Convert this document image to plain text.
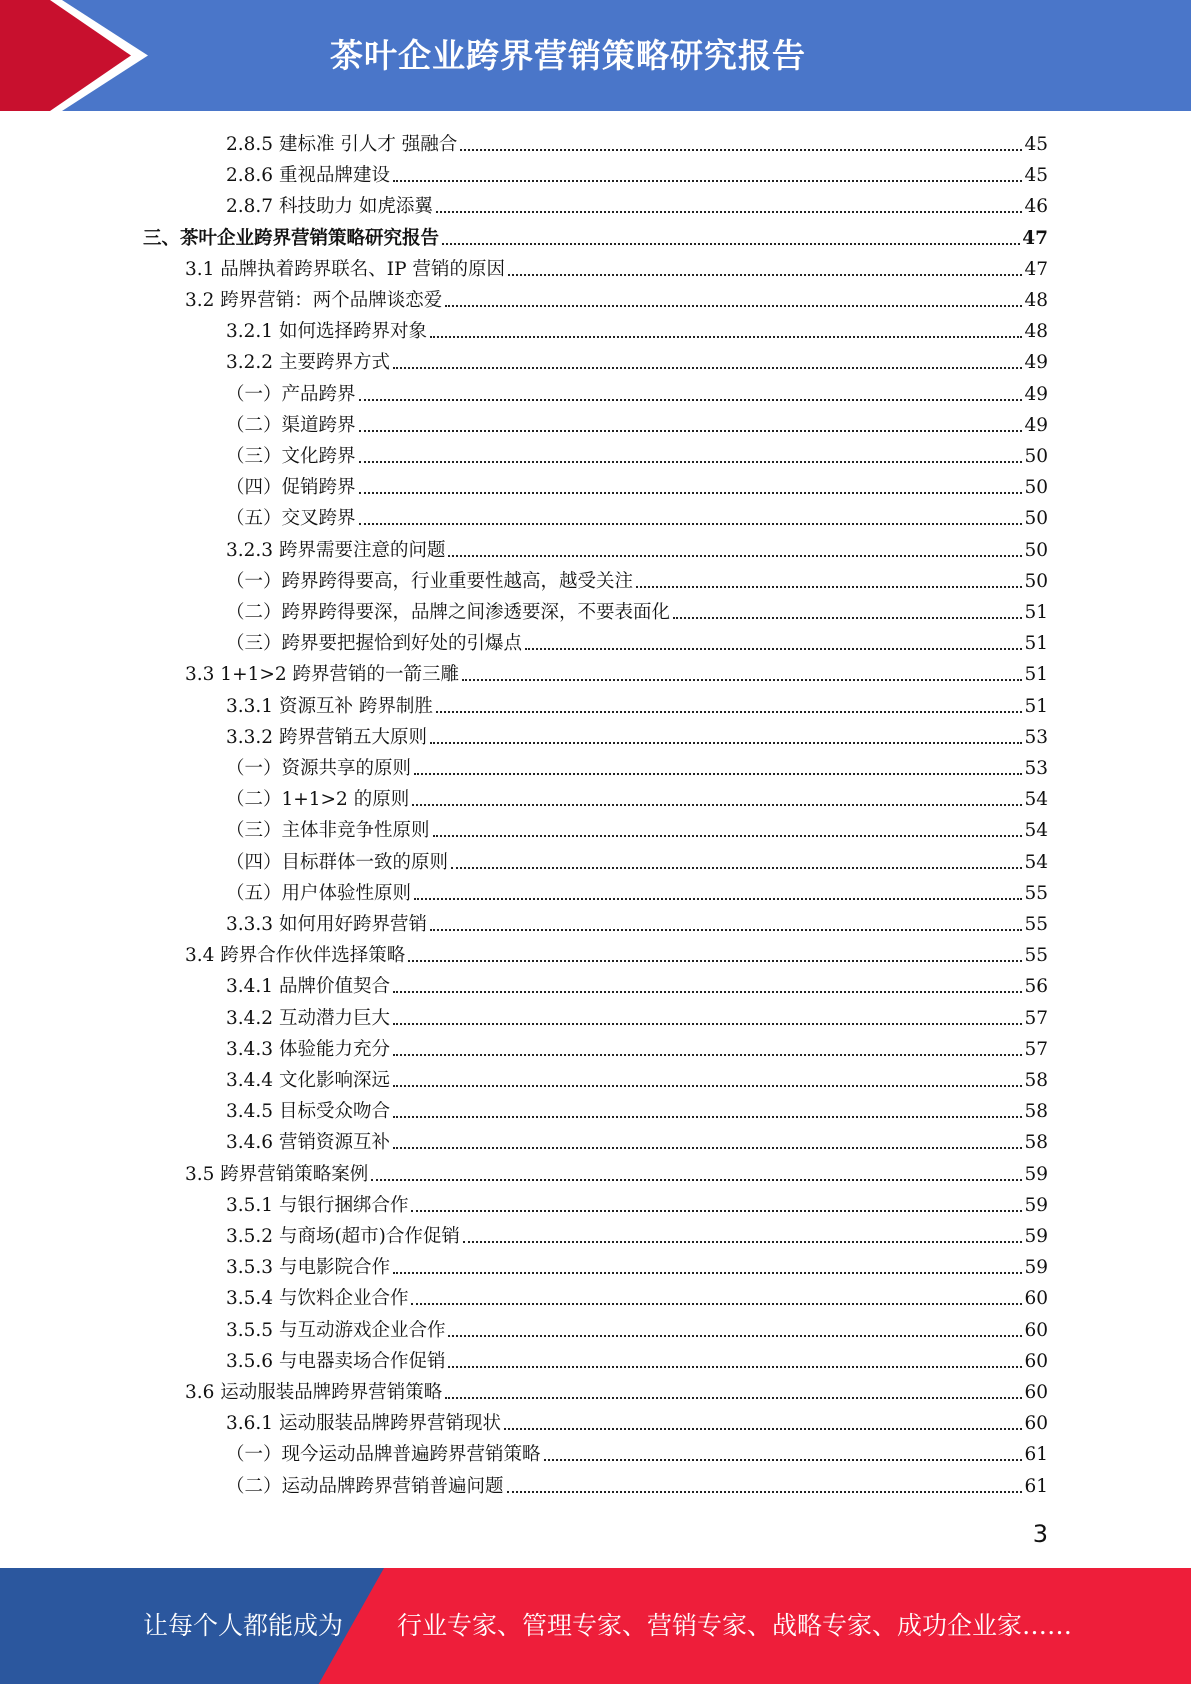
茶叶企业跨界营销策略研究报告
2.8.5 建标准 引人才 强融合	45
2.8.6 重视品牌建设	45
2.8.7 科技助力 如虎添翼	46
三、茶叶企业跨界营销策略研究报告	47
3.1 品牌执着跨界联名、IP 营销的原因	47
3.2 跨界营销：两个品牌谈恋爱	48
3.2.1 如何选择跨界对象	48
3.2.2 主要跨界方式	49
（一）产品跨界	49
（二）渠道跨界	49
（三）文化跨界	50
（四）促销跨界	50
（五）交叉跨界	50
3.2.3 跨界需要注意的问题	50
（一）跨界跨得要高，行业重要性越高，越受关注	50
（二）跨界跨得要深，品牌之间渗透要深，不要表面化	51
（三）跨界要把握恰到好处的引爆点	51
3.3 1+1>2 跨界营销的一箭三雕	51
3.3.1 资源互补 跨界制胜	51
3.3.2 跨界营销五大原则	53
（一）资源共享的原则	53
（二）1+1>2 的原则	54
（三）主体非竞争性原则	54
（四）目标群体一致的原则	54
（五）用户体验性原则	55
3.3.3 如何用好跨界营销	55
3.4 跨界合作伙伴选择策略	55
3.4.1 品牌价值契合	56
3.4.2 互动潜力巨大	57
3.4.3 体验能力充分	57
3.4.4 文化影响深远	58
3.4.5 目标受众吻合	58
3.4.6 营销资源互补	58
3.5 跨界营销策略案例	59
3.5.1 与银行捆绑合作	59
3.5.2 与商场(超市)合作促销	59
3.5.3 与电影院合作	59
3.5.4 与饮料企业合作	60
3.5.5 与互动游戏企业合作	60
3.5.6 与电器卖场合作促销	60
3.6 运动服装品牌跨界营销策略	60
3.6.1 运动服装品牌跨界营销现状	60
（一）现今运动品牌普遍跨界营销策略	61
（二）运动品牌跨界营销普遍问题	61
3
让每个人都能成为 行业专家、管理专家、营销专家、战略专家、成功企业家……
